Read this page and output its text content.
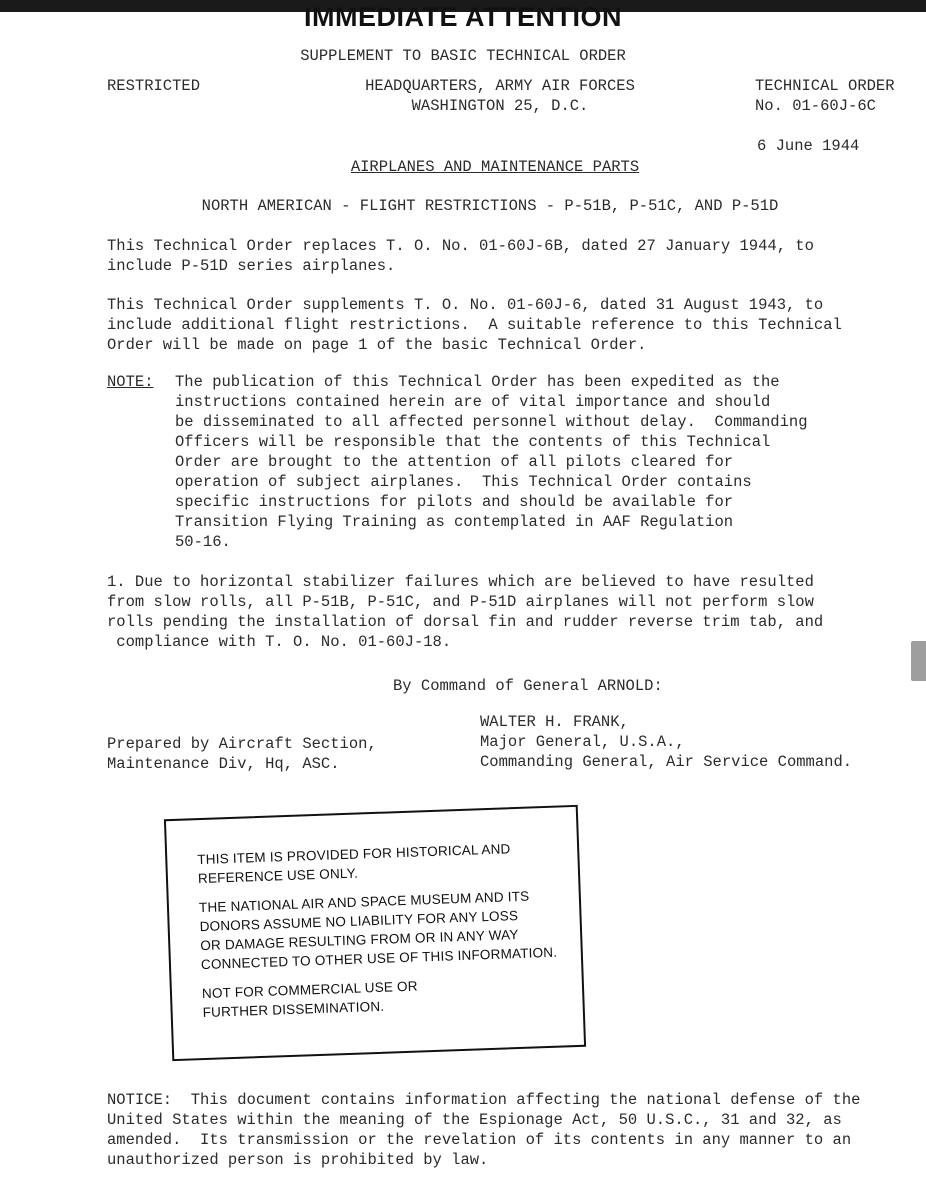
IMMEDIATE ATTENTION
SUPPLEMENT TO BASIC TECHNICAL ORDER
RESTRICTED	HEADQUARTERS, ARMY AIR FORCES
WASHINGTON 25, D.C.
TECHNICAL ORDER
No. 01-60J-6C
6 June 1944
AIRPLANES AND MAINTENANCE PARTS
NORTH AMERICAN - FLIGHT RESTRICTIONS - P-51B, P-51C, AND P-51D
This Technical Order replaces T. O. No. 01-60J-6B, dated 27 January 1944, to
include P-51D series airplanes.
This Technical Order supplements T. O. No. 01-60J-6, dated 31 August 1943, to
include additional flight restrictions.  A suitable reference to this Technical
Order will be made on page 1 of the basic Technical Order.
NOTE: The publication of this Technical Order has been expedited as the
instructions contained herein are of vital importance and should
be disseminated to all affected personnel without delay.  Commanding
Officers will be responsible that the contents of this Technical
Order are brought to the attention of all pilots cleared for
operation of subject airplanes.  This Technical Order contains
specific instructions for pilots and should be available for
Transition Flying Training as contemplated in AAF Regulation
50-16.
1. Due to horizontal stabilizer failures which are believed to have resulted
from slow rolls, all P-51B, P-51C, and P-51D airplanes will not perform slow
rolls pending the installation of dorsal fin and rudder reverse trim tab, and
compliance with T. O. No. 01-60J-18.
By Command of General ARNOLD:
WALTER H. FRANK,
Major General, U.S.A.,
Commanding General, Air Service Command.
Prepared by Aircraft Section,
Maintenance Div, Hq, ASC.

THIS ITEM IS PROVIDED FOR HISTORICAL AND
REFERENCE USE ONLY.

THE NATIONAL AIR AND SPACE MUSEUM AND ITS
DONORS ASSUME NO LIABILITY FOR ANY LOSS
OR DAMAGE RESULTING FROM OR IN ANY WAY
CONNECTED TO OTHER USE OF THIS INFORMATION.

NOT FOR COMMERCIAL USE OR
FURTHER DISSEMINATION.

NOTICE:  This document contains information affecting the national defense of the
United States within the meaning of the Espionage Act, 50 U.S.C., 31 and 32, as
amended.  Its transmission or the revelation of its contents in any manner to an
unauthorized person is prohibited by law.
